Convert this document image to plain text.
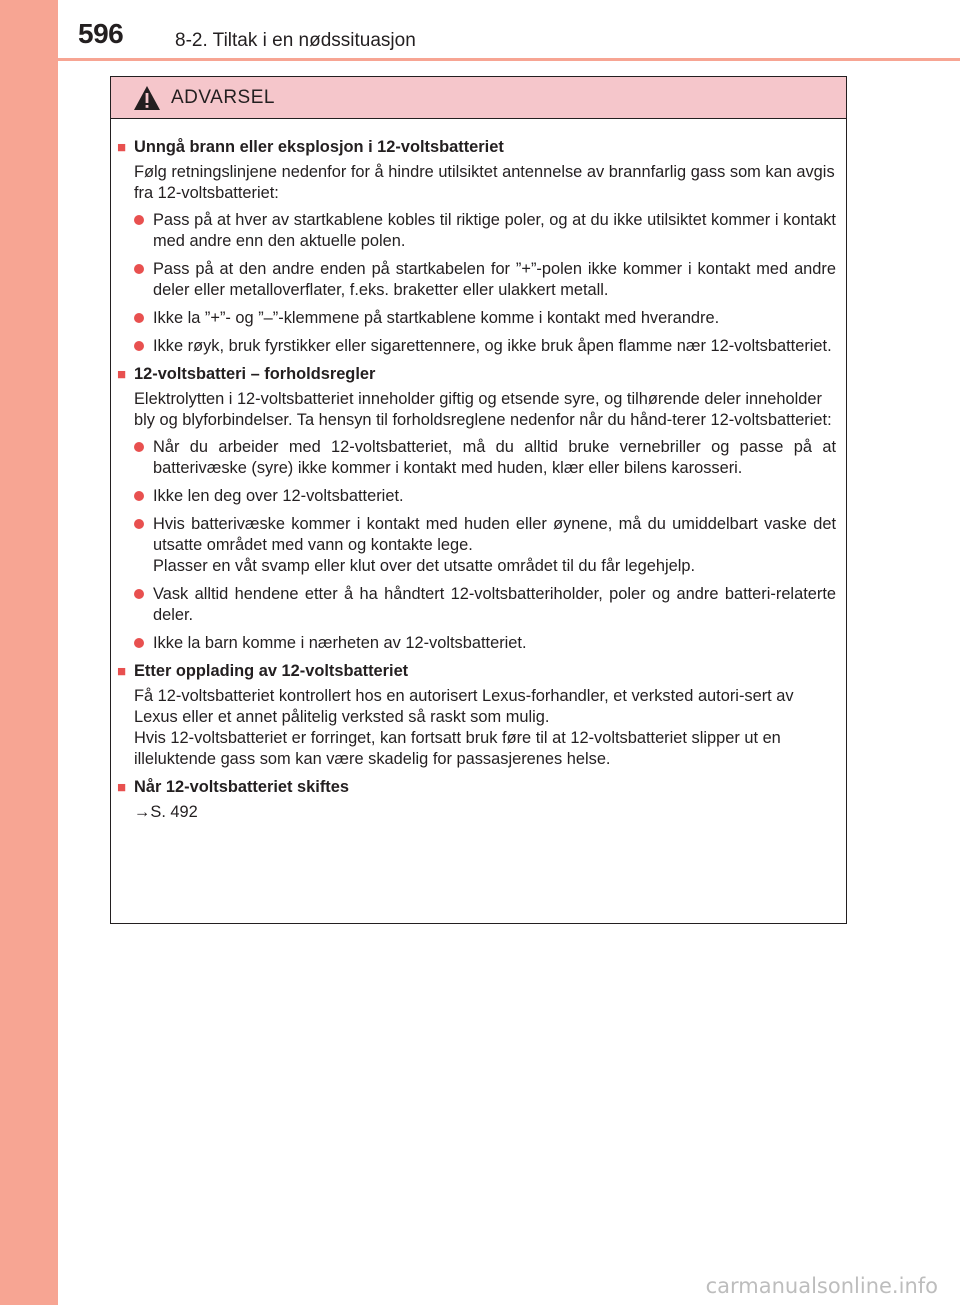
596	8-2. Tiltak i en nødssituasjon
ADVARSEL
■ Unngå brann eller eksplosjon i 12-voltsbatteriet
Følg retningslinjene nedenfor for å hindre utilsiktet antennelse av brannfarlig gass som kan avgis fra 12-voltsbatteriet:
Pass på at hver av startkablene kobles til riktige poler, og at du ikke utilsiktet kommer i kontakt med andre enn den aktuelle polen.
Pass på at den andre enden på startkabelen for ”+”-polen ikke kommer i kontakt med andre deler eller metalloverflater, f.eks. braketter eller ulakkert metall.
Ikke la ”+”- og ”–”-klemmene på startkablene komme i kontakt med hverandre.
Ikke røyk, bruk fyrstikker eller sigarettennere, og ikke bruk åpen flamme nær 12-voltsbatteriet.
■ 12-voltsbatteri – forholdsregler
Elektrolytten i 12-voltsbatteriet inneholder giftig og etsende syre, og tilhørende deler inneholder bly og blyforbindelser. Ta hensyn til forholdsreglene nedenfor når du hånd-terer 12-voltsbatteriet:
Når du arbeider med 12-voltsbatteriet, må du alltid bruke vernebriller og passe på at batterivæske (syre) ikke kommer i kontakt med huden, klær eller bilens karosseri.
Ikke len deg over 12-voltsbatteriet.
Hvis batterivæske kommer i kontakt med huden eller øynene, må du umiddelbart vaske det utsatte området med vann og kontakte lege.
Plasser en våt svamp eller klut over det utsatte området til du får legehjelp.
Vask alltid hendene etter å ha håndtert 12-voltsbatteriholder, poler og andre batteri-relaterte deler.
Ikke la barn komme i nærheten av 12-voltsbatteriet.
■ Etter opplading av 12-voltsbatteriet
Få 12-voltsbatteriet kontrollert hos en autorisert Lexus-forhandler, et verksted autori-sert av Lexus eller et annet pålitelig verksted så raskt som mulig.
Hvis 12-voltsbatteriet er forringet, kan fortsatt bruk føre til at 12-voltsbatteriet slipper ut en illeluktende gass som kan være skadelig for passasjerenes helse.
■ Når 12-voltsbatteriet skiftes
→S. 492
carmanualsonline.info
